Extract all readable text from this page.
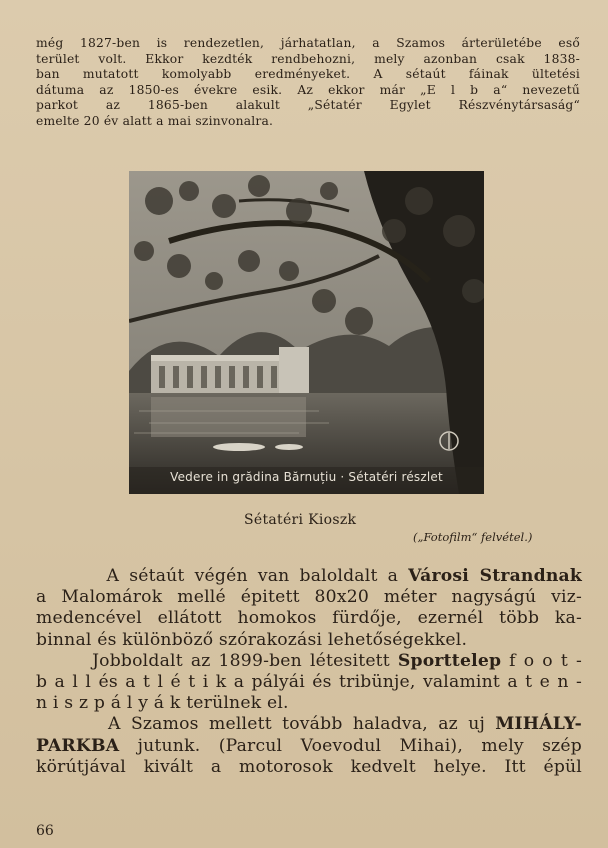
még 1827-ben is rendezetlen, járhatatlan, a Szamos árterületébe eső
terület volt. Ekkor kezdték rendbehozni, mely azonban csak 1838-
ban mutatott komolyabb eredményeket. A sétaút fáinak ültetési
dátuma az 1850-es évekre esik. Az ekkor már „E l b a“ nevezetű
parkot az 1865-ben alakult „Sétatér Egylet Részvénytársaság“
emelte 20 év alatt a mai szinvonalra.
Vedere in grădina Bărnuțiu · Sétatéri részlet
Sétatéri Kioszk
(„Fotofilm“ felvétel.)
A sétaút végén van baloldalt a Városi Strandnak
a Malomárok mellé épitett 80x20 méter nagyságú viz-
medencével ellátott homokos fürdője, ezernél több ka-
binnal és különböző szórakozási lehetőségekkel.
Jobboldalt az 1899-ben létesitett Sporttelep f o o t -
b a l l és a t l é t i k a pályái és tribünje, valamint a t e n -
n i s z p á l y á k terülnek el.
A Szamos mellett tovább haladva, az uj MIHÁLY-
PARKBA jutunk. (Parcul Voevodul Mihai), mely szép
körútjával kivált a motorosok kedvelt helye. Itt épül
66
